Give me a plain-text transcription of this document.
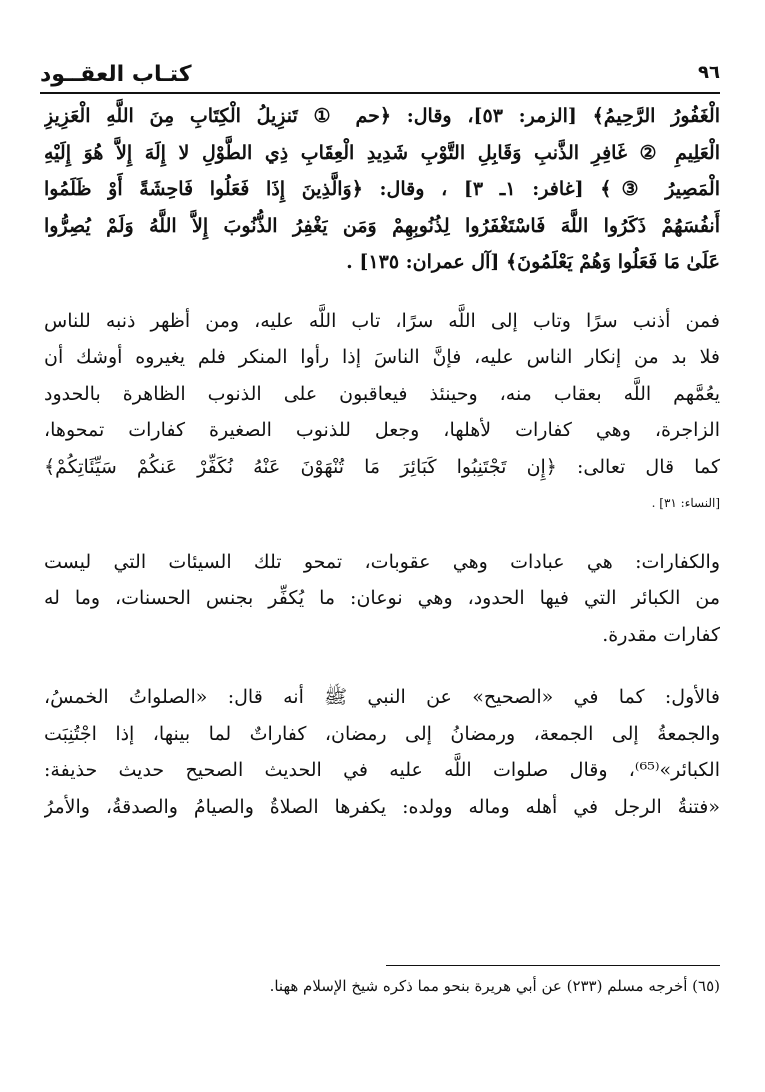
كتـاب العقــود	٩٦
الْغَفُورُ الرَّحِيمُ﴾ [الزمر: ٥٣]، وقال: ﴿حم ① تَنزِيلُ الْكِتَابِ مِنَ اللَّهِ الْعَزِيزِ
الْعَلِيمِ ② غَافِرِ الذَّنبِ وَقَابِلِ التَّوْبِ شَدِيدِ الْعِقَابِ ذِي الطَّوْلِ لا إِلَهَ إِلاَّ هُوَ إِلَيْهِ
الْمَصِيرُ ③﴾ [غافر: ١ـ ٣] ، وقال: ﴿وَالَّذِينَ إِذَا فَعَلُوا فَاحِشَةً أَوْ ظَلَمُوا
أَنفُسَهُمْ ذَكَرُوا اللَّهَ فَاسْتَغْفَرُوا لِذُنُوبِهِمْ وَمَن يَغْفِرُ الذُّنُوبَ إِلاَّ اللَّهُ وَلَمْ يُصِرُّوا
عَلَىٰ مَا فَعَلُوا وَهُمْ يَعْلَمُونَ﴾ [آل عمران: ١٣٥] .
فمن أذنب سرًا وتاب إلى اللَّه سرًا، تاب اللَّه عليه، ومن أظهر ذنبه للناس
فلا بد من إنكار الناس عليه، فإنَّ الناسَ إذا رأوا المنكر فلم يغيروه أوشك أن
يعُمَّهم اللَّه بعقاب منه، وحينئذ فيعاقبون على الذنوب الظاهرة بالحدود
الزاجرة، وهي كفارات لأهلها، وجعل للذنوب الصغيرة كفارات تمحوها،
كما قال تعالى: ﴿إِن تَجْتَنِبُوا كَبَائِرَ مَا تُنْهَوْنَ عَنْهُ نُكَفِّرْ عَنكُمْ سَيِّئَاتِكُمْ﴾
[النساء: ٣١] .
والكفارات: هي عبادات وهي عقوبات، تمحو تلك السيئات التي ليست
من الكبائر التي فيها الحدود، وهي نوعان: ما يُكفِّر بجنس الحسنات، وما له
كفارات مقدرة.
فالأول: كما في «الصحيح» عن النبي ﷺ أنه قال: «الصلواتُ الخمسُ،
والجمعةُ إلى الجمعة، ورمضانُ إلى رمضان، كفاراتٌ لما بينها، إذا اجْتُنِبَت
الكبائر»⁽⁶⁵⁾، وقال صلوات اللَّه عليه في الحديث الصحيح حديث حذيفة:
«فتنةُ الرجل في أهله وماله وولده: يكفرها الصلاةُ والصيامُ والصدقةُ، والأمرُ
(٦٥) أخرجه مسلم (٢٣٣) عن أبي هريرة بنحو مما ذكره شيخ الإسلام ههنا.
